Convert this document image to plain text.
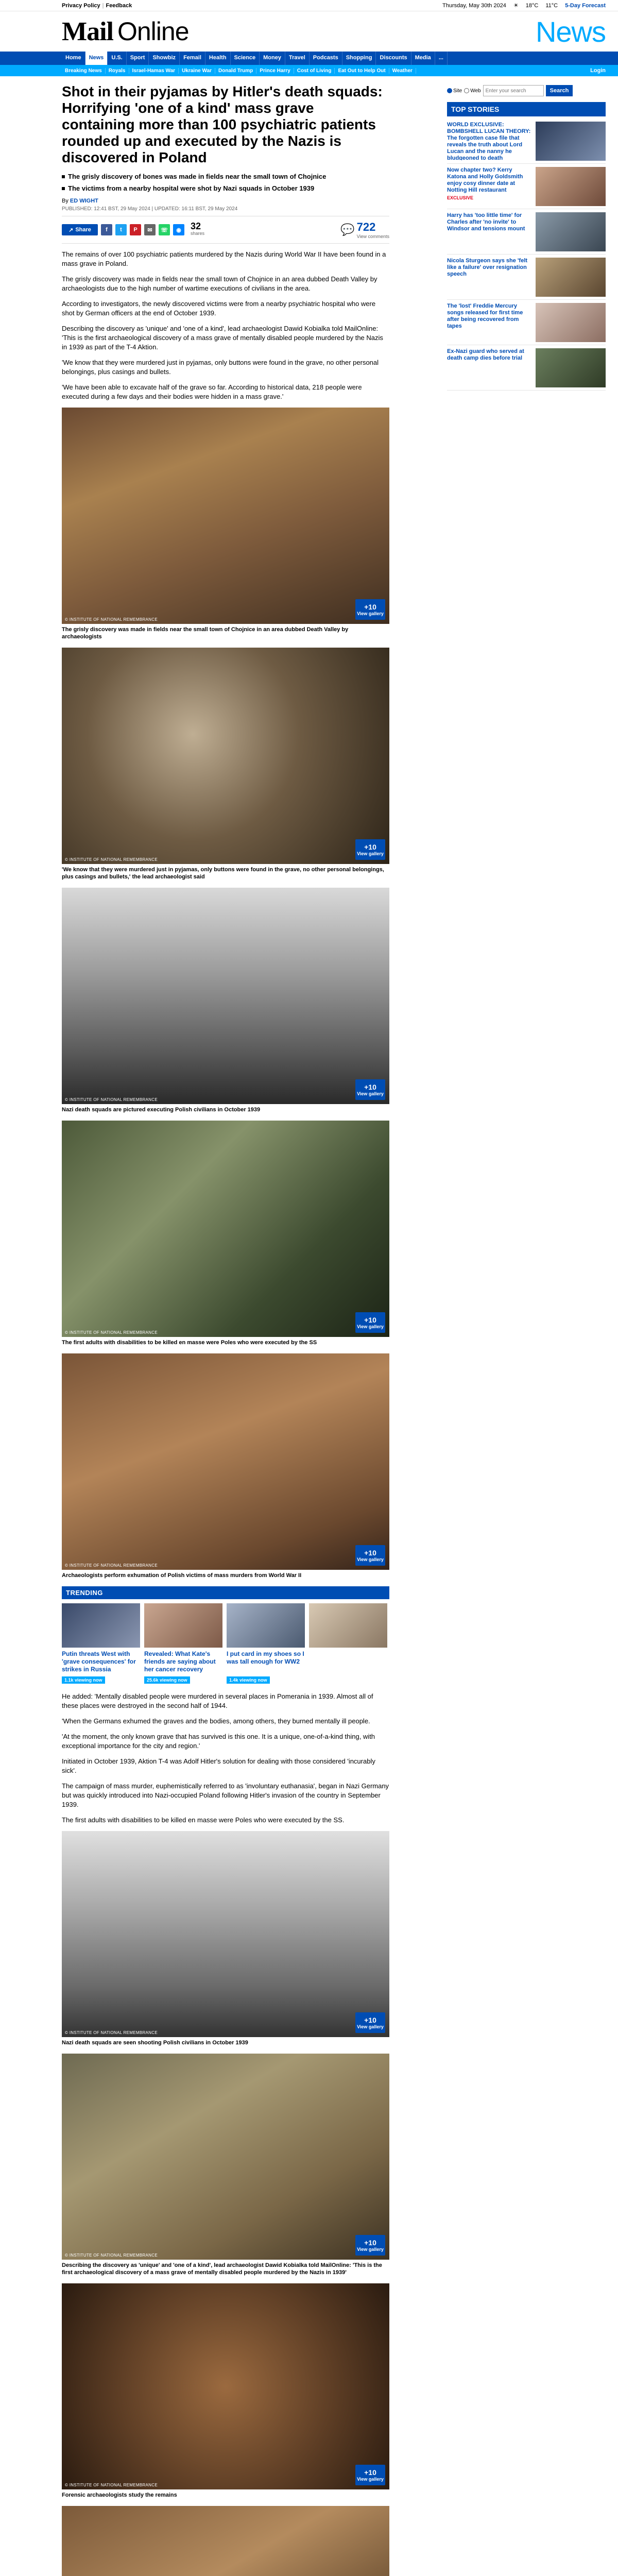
Privacy Policy | Feedback	Thursday, May 30th 2024 ☀ 18°C 11°C 5-Day Forecast
Mail Online	News
Home	News	U.S.	Sport	Showbiz	Femail	Health	Science	Money	Travel	Podcasts	Shopping	Discounts	Media	...
Breaking News	Royals	Israel-Hamas War	Ukraine War	Donald Trump	Prince Harry	Cost of Living	Eat Out to Help Out	Weather	Login
Shot in their pyjamas by Hitler's death squads: Horrifying 'one of a kind' mass grave containing more than 100 psychiatric patients rounded up and executed by the Nazis is discovered in Poland
The grisly discovery of bones was made in fields near the small town of Chojnice
The victims from a nearby hospital were shot by Nazi squads in October 1939
By ED WIGHT
PUBLISHED: 12:41 BST, 29 May 2024 | UPDATED: 16:11 BST, 29 May 2024
↗ Share	f	t	P	✉	☏	◉	32
shares	💬 722
View comments

The remains of over 100 psychiatric patients murdered by the Nazis during World War II have been found in a mass grave in Poland.

The grisly discovery was made in fields near the small town of Chojnice in an area dubbed Death Valley by archaeologists due to the high number of wartime executions of civilians in the area.

According to investigators, the newly discovered victims were from a nearby psychiatric hospital who were shot by German officers at the end of October 1939.

Describing the discovery as 'unique' and 'one of a kind', lead archaeologist Dawid Kobialka told MailOnline: 'This is the first archaeological discovery of a mass grave of mentally disabled people murdered by the Nazis in 1939 as part of the T-4 Aktion.

'We know that they were murdered just in pyjamas, only buttons were found in the grave, no other personal belongings, plus casings and bullets.

'We have been able to excavate half of the grave so far. According to historical data, 218 people were executed during a few days and their bodies were hidden in a mass grave.'

© INSTITUTE OF NATIONAL REMEMBRANCE
+10
View gallery
The grisly discovery was made in fields near the small town of Chojnice in an area dubbed Death Valley by archaeologists
© INSTITUTE OF NATIONAL REMEMBRANCE
+10
View gallery
'We know that they were murdered just in pyjamas, only buttons were found in the grave, no other personal belongings, plus casings and bullets,' the lead archaeologist said
© INSTITUTE OF NATIONAL REMEMBRANCE
+10
View gallery
Nazi death squads are pictured executing Polish civilians in October 1939
© INSTITUTE OF NATIONAL REMEMBRANCE
+10
View gallery
The first adults with disabilities to be killed en masse were Poles who were executed by the SS
© INSTITUTE OF NATIONAL REMEMBRANCE
+10
View gallery
Archaeologists perform exhumation of Polish victims of mass murders from World War II
TRENDING
Putin threats West with 'grave consequences' for strikes in Russia
1.1k viewing now
Revealed: What Kate's friends are saying about her cancer recovery
25.6k viewing now
I put card in my shoes so I was tall enough for WW2
1.4k viewing now

He added: 'Mentally disabled people were murdered in several places in Pomerania in 1939. Almost all of these places were destroyed in the second half of 1944.

'When the Germans exhumed the graves and the bodies, among others, they burned mentally ill people.

'At the moment, the only known grave that has survived is this one. It is a unique, one-of-a-kind thing, with exceptional importance for the city and region.'

Initiated in October 1939, Aktion T-4 was Adolf Hitler's solution for dealing with those considered 'incurably sick'.

The campaign of mass murder, euphemistically referred to as 'involuntary euthanasia', began in Nazi Germany but was quickly introduced into Nazi-occupied Poland following Hitler's invasion of the country in September 1939.

The first adults with disabilities to be killed en masse were Poles who were executed by the SS.

© INSTITUTE OF NATIONAL REMEMBRANCE
+10
View gallery
Nazi death squads are seen shooting Polish civilians in October 1939
© INSTITUTE OF NATIONAL REMEMBRANCE
+10
View gallery
Describing the discovery as 'unique' and 'one of a kind', lead archaeologist Dawid Kobialka told MailOnline: 'This is the first archaeological discovery of a mass grave of mentally disabled people murdered by the Nazis in 1939'
© INSTITUTE OF NATIONAL REMEMBRANCE
+10
View gallery
Forensic archaeologists study the remains
Site Web
Enter your search	Search
TOP STORIES
WORLD EXCLUSIVE: BOMBSHELL LUCAN THEORY: The forgotten case file that reveals the truth about Lord Lucan and the nanny he bludgeoned to death
Now chapter two? Kerry Katona and Holly Goldsmith enjoy cosy dinner date at Notting Hill restaurant
EXCLUSIVE
Harry has 'too little time' for Charles after 'no invite' to Windsor and tensions mount
Nicola Sturgeon says she 'felt like a failure' over resignation speech
The 'lost' Freddie Mercury songs released for first time after being recovered from tapes
Ex-Nazi guard who served at death camp dies before trial
